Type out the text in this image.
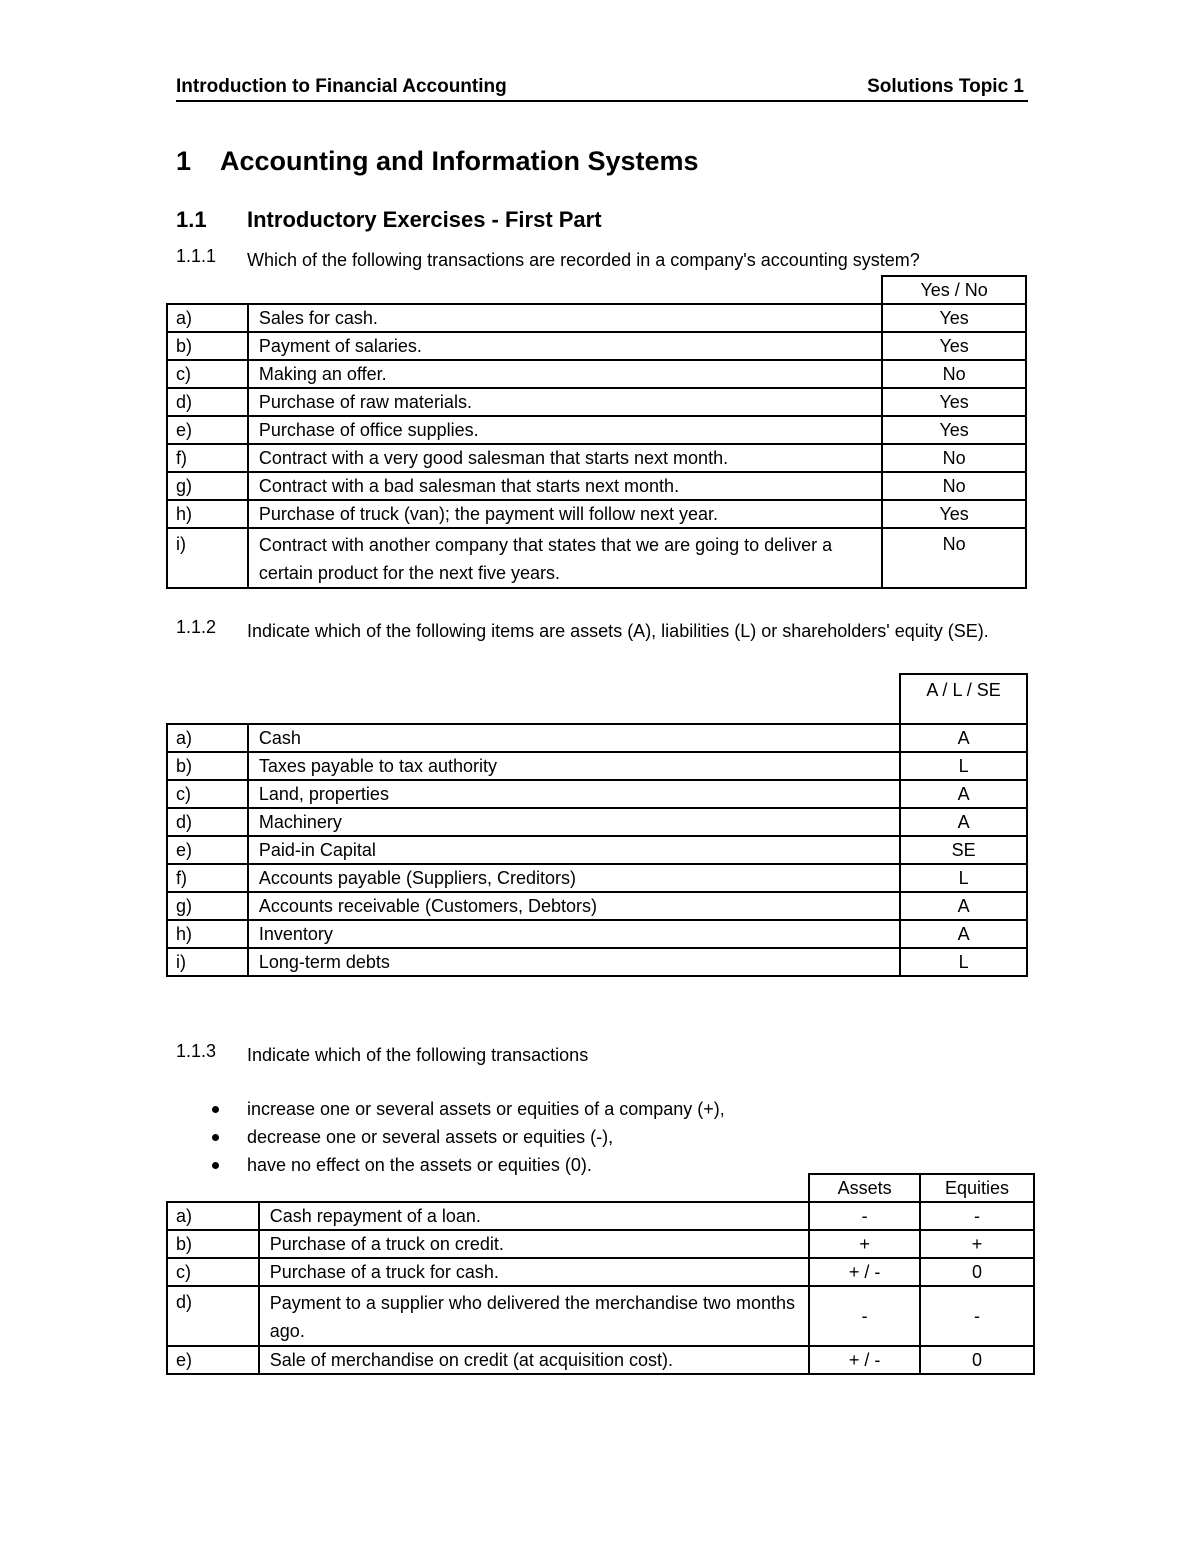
Introduction to Financial Accounting	Solutions Topic 1
1 Accounting and Information Systems
1.1 Introductory Exercises - First Part
1.1.1 Which of the following transactions are recorded in a company's accounting system?
		Yes / No
a)	Sales for cash.	Yes
b)	Payment of salaries.	Yes
c)	Making an offer.	No
d)	Purchase of raw materials.	Yes
e)	Purchase of office supplies.	Yes
f)	Contract with a very good salesman that starts next month.	No
g)	Contract with a bad salesman that starts next month.	No
h)	Purchase of truck (van); the payment will follow next year.	Yes
i)	Contract with another company that states that we are going to deliver a certain product for the next five years.	No
1.1.2 Indicate which of the following items are assets (A), liabilities (L) or shareholders' equity (SE).
		A / L / SE
a)	Cash	A
b)	Taxes payable to tax authority	L
c)	Land, properties	A
d)	Machinery	A
e)	Paid-in Capital	SE
f)	Accounts payable (Suppliers, Creditors)	L
g)	Accounts receivable (Customers, Debtors)	A
h)	Inventory	A
i)	Long-term debts	L
1.1.3 Indicate which of the following transactions
increase one or several assets or equities of a company (+),
decrease one or several assets or equities (-),
have no effect on the assets or equities (0).
		Assets	Equities
a)	Cash repayment of a loan.	-	-
b)	Purchase of a truck on credit.	+	+
c)	Purchase of a truck for cash.	+ / -	0
d)	Payment to a supplier who delivered the merchandise two months ago.	-	-
e)	Sale of merchandise on credit (at acquisition cost).	+ / -	0
